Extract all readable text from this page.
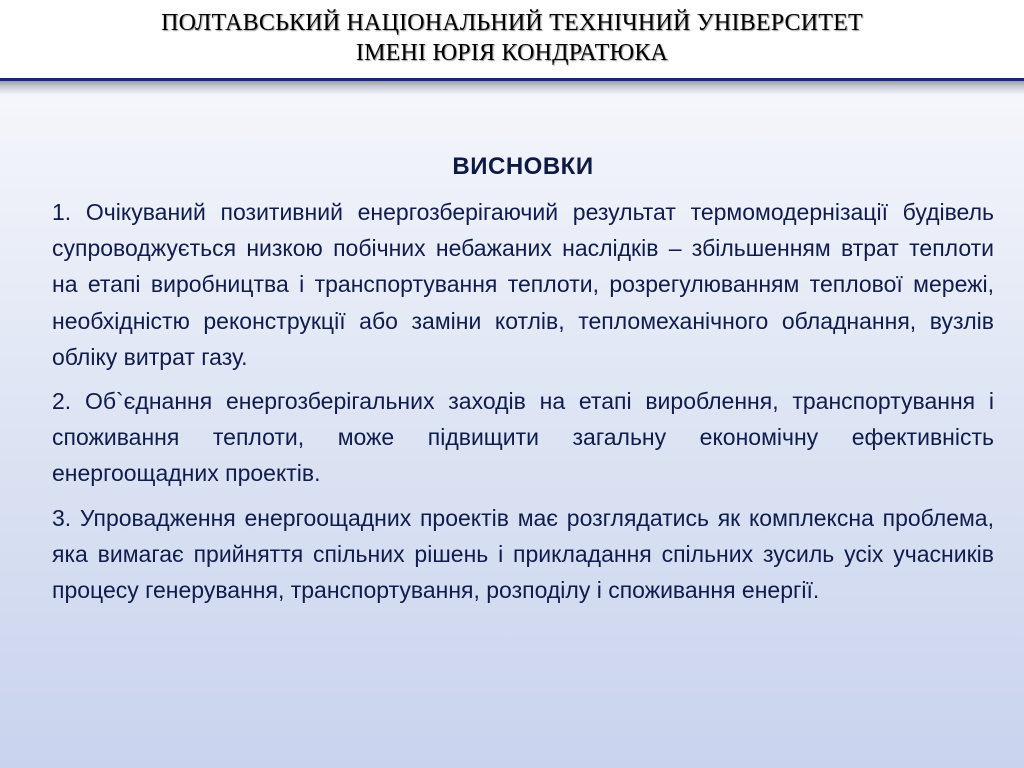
ПОЛТАВСЬКИЙ НАЦІОНАЛЬНИЙ ТЕХНІЧНИЙ УНІВЕРСИТЕТ
ІМЕНІ ЮРІЯ КОНДРАТЮКА
ВИСНОВКИ

1. Очікуваний позитивний енергозберігаючий результат термомодернізації будівель супроводжується низкою побічних небажаних наслідків – збільшенням втрат теплоти на етапі виробництва і транспортування теплоти, розрегулюванням теплової мережі, необхідністю реконструкції або заміни котлів, тепломеханічного обладнання, вузлів обліку витрат газу.

2. Об`єднання енергозберігальних заходів на етапі вироблення, транспортування і споживання теплоти, може підвищити загальну економічну ефективність енергоощадних проектів.

3. Упровадження енергоощадних проектів має розглядатись як комплексна проблема, яка вимагає прийняття спільних рішень і прикладання спільних зусиль усіх учасників процесу генерування, транспортування, розподілу і споживання енергії.
